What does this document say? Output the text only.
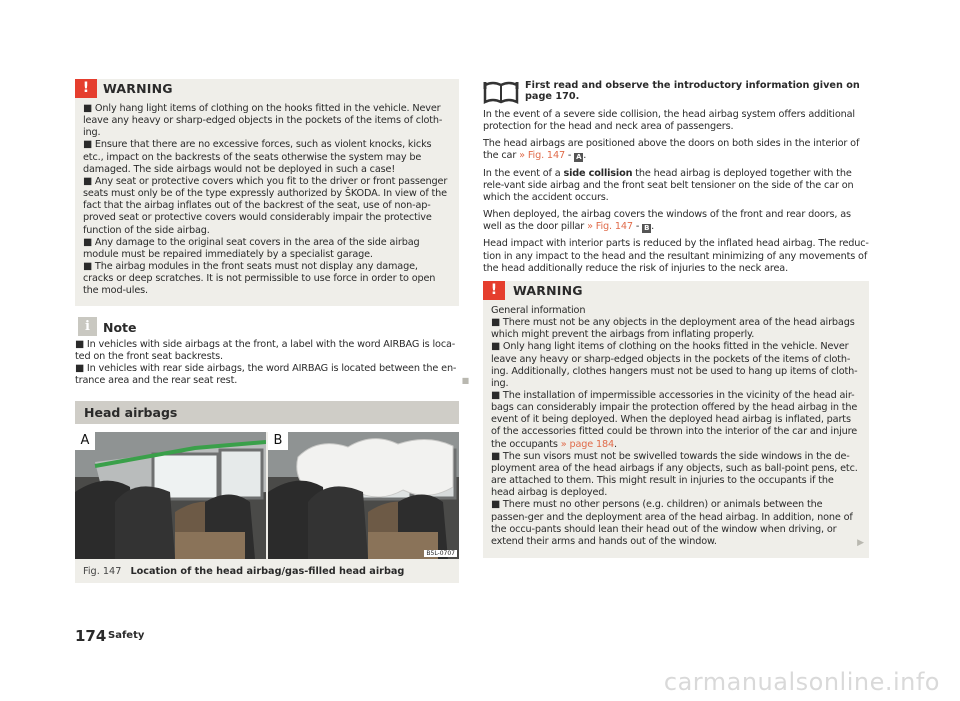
!	WARNING

■ Only hang light items of clothing on the hooks fitted in the vehicle. Never leave any heavy or sharp-edged objects in the pockets of the items of cloth-ing.

■ Ensure that there are no excessive forces, such as violent knocks, kicks etc., impact on the backrests of the seats otherwise the system may be damaged. The side airbags would not be deployed in such a case!

■ Any seat or protective covers which you fit to the driver or front passenger seats must only be of the type expressly authorized by ŠKODA. In view of the fact that the airbag inflates out of the backrest of the seat, use of non-ap-proved seat or protective covers would considerably impair the protective function of the side airbag.

■ Any damage to the original seat covers in the area of the side airbag module must be repaired immediately by a specialist garage.

■ The airbag modules in the front seats must not display any damage, cracks or deep scratches. It is not permissible to use force in order to open the mod-ules.

i	Note

■ In vehicles with side airbags at the front, a label with the word AIRBAG is loca-ted on the front seat backrests.

■ In vehicles with rear side airbags, the word AIRBAG is located between the en-trance area and the rear seat rest.	■
Head airbags
A	B
B5L-0707
Fig. 147 Location of the head airbag/gas-filled head airbag
First read and observe the introductory information given on page 170.

In the event of a severe side collision, the head airbag system offers additional protection for the head and neck area of passengers.

The head airbags are positioned above the doors on both sides in the interior of the car » Fig. 147 - A .

In the event of a side collision the head airbag is deployed together with the rele-vant side airbag and the front seat belt tensioner on the side of the car on which the accident occurs.

When deployed, the airbag covers the windows of the front and rear doors, as well as the door pillar » Fig. 147 - B .

Head impact with interior parts is reduced by the inflated head airbag. The reduc-tion in any impact to the head and the resultant minimizing of any movements of the head additionally reduce the risk of injuries to the neck area.

!	WARNING

General information

■ There must not be any objects in the deployment area of the head airbags which might prevent the airbags from inflating properly.

■ Only hang light items of clothing on the hooks fitted in the vehicle. Never leave any heavy or sharp-edged objects in the pockets of the items of cloth-ing. Additionally, clothes hangers must not be used to hang up items of cloth-ing.

■ The installation of impermissible accessories in the vicinity of the head air-bags can considerably impair the protection offered by the head airbag in the event of it being deployed. When the deployed head airbag is inflated, parts of the accessories fitted could be thrown into the interior of the car and injure the occupants » page 184.

■ The sun visors must not be swivelled towards the side windows in the de-ployment area of the head airbags if any objects, such as ball-point pens, etc. are attached to them. This might result in injuries to the occupants if the head airbag is deployed.

■ There must no other persons (e.g. children) or animals between the passen-ger and the deployment area of the head airbag. In addition, none of the occu-pants should lean their head out of the window when driving, or extend their arms and hands out of the window.	▶
174 Safety
carmanualsonline.info
